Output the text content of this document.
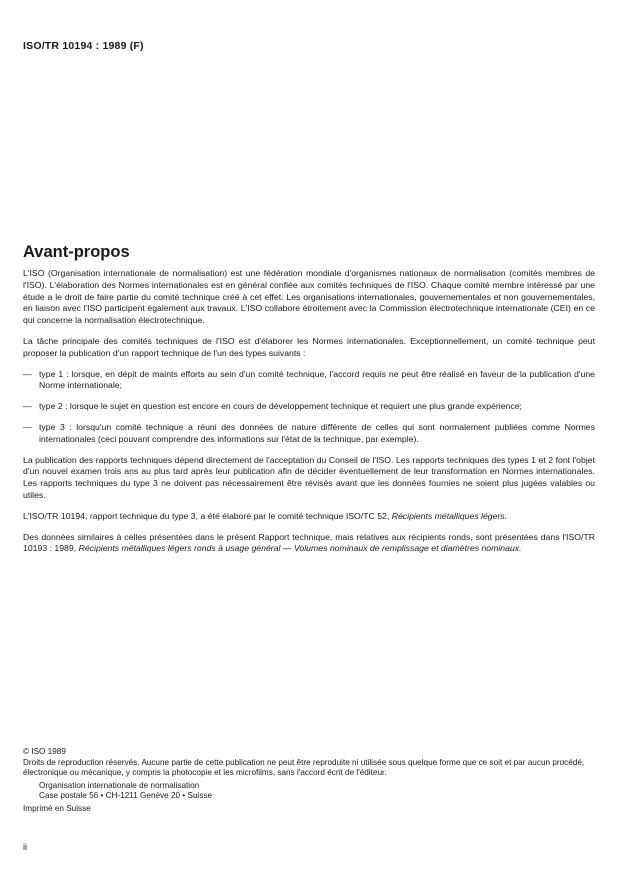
ISO/TR 10194 : 1989 (F)
Avant-propos

L'ISO (Organisation internationale de normalisation) est une fédération mondiale d'organismes nationaux de normalisation (comités membres de l'ISO). L'élaboration des Normes internationales est en général confiée aux comités techniques de l'ISO. Chaque comité membre intéressé par une étude a le droit de faire partie du comité technique créé à cet effet. Les organisations internationales, gouvernementales et non gouvernementales, en liaison avec l'ISO participent également aux travaux. L'ISO collabore étroitement avec la Commission électrotechnique internationale (CEI) en ce qui concerne la normalisation électrotechnique.

La tâche principale des comités techniques de l'ISO est d'élaborer les Normes internationales. Exceptionnellement, un comité technique peut proposer la publication d'un rapport technique de l'un des types suivants :

— type 1 : lorsque, en dépit de maints efforts au sein d'un comité technique, l'accord requis ne peut être réalisé en faveur de la publication d'une Norme internationale;
— type 2 : lorsque le sujet en question est encore en cours de développement technique et requiert une plus grande expérience;
— type 3 : lorsqu'un comité technique a réuni des données de nature différente de celles qui sont normalement publiées comme Normes internationales (ceci pouvant comprendre des informations sur l'état de la technique, par exemple).

La publication des rapports techniques dépend directement de l'acceptation du Conseil de l'ISO. Les rapports techniques des types 1 et 2 font l'objet d'un nouvel examen trois ans au plus tard après leur publication afin de décider éventuellement de leur transformation en Normes internationales. Les rapports techniques du type 3 ne doivent pas nécessairement être révisés avant que les données fournies ne soient plus jugées valables ou utiles.

L'ISO/TR 10194, rapport technique du type 3, a été élaboré par le comité technique ISO/TC 52, Récipients métalliques légers.

Des données similaires à celles présentées dans le présent Rapport technique, mais relatives aux récipients ronds, sont présentées dans l'ISO/TR 10193 : 1989, Récipients métalliques légers ronds à usage général — Volumes nominaux de remplissage et diamètres nominaux.

© ISO 1989
Droits de reproduction réservés. Aucune partie de cette publication ne peut être reproduite ni utilisée sous quelque forme que ce soit et par aucun procédé, électronique ou mécanique, y compris la photocopie et les microfilms, sans l'accord écrit de l'éditeur.
Organisation internationale de normalisation
Case postale 56 • CH-1211 Genève 20 • Suisse
Imprimé en Suisse
ii
